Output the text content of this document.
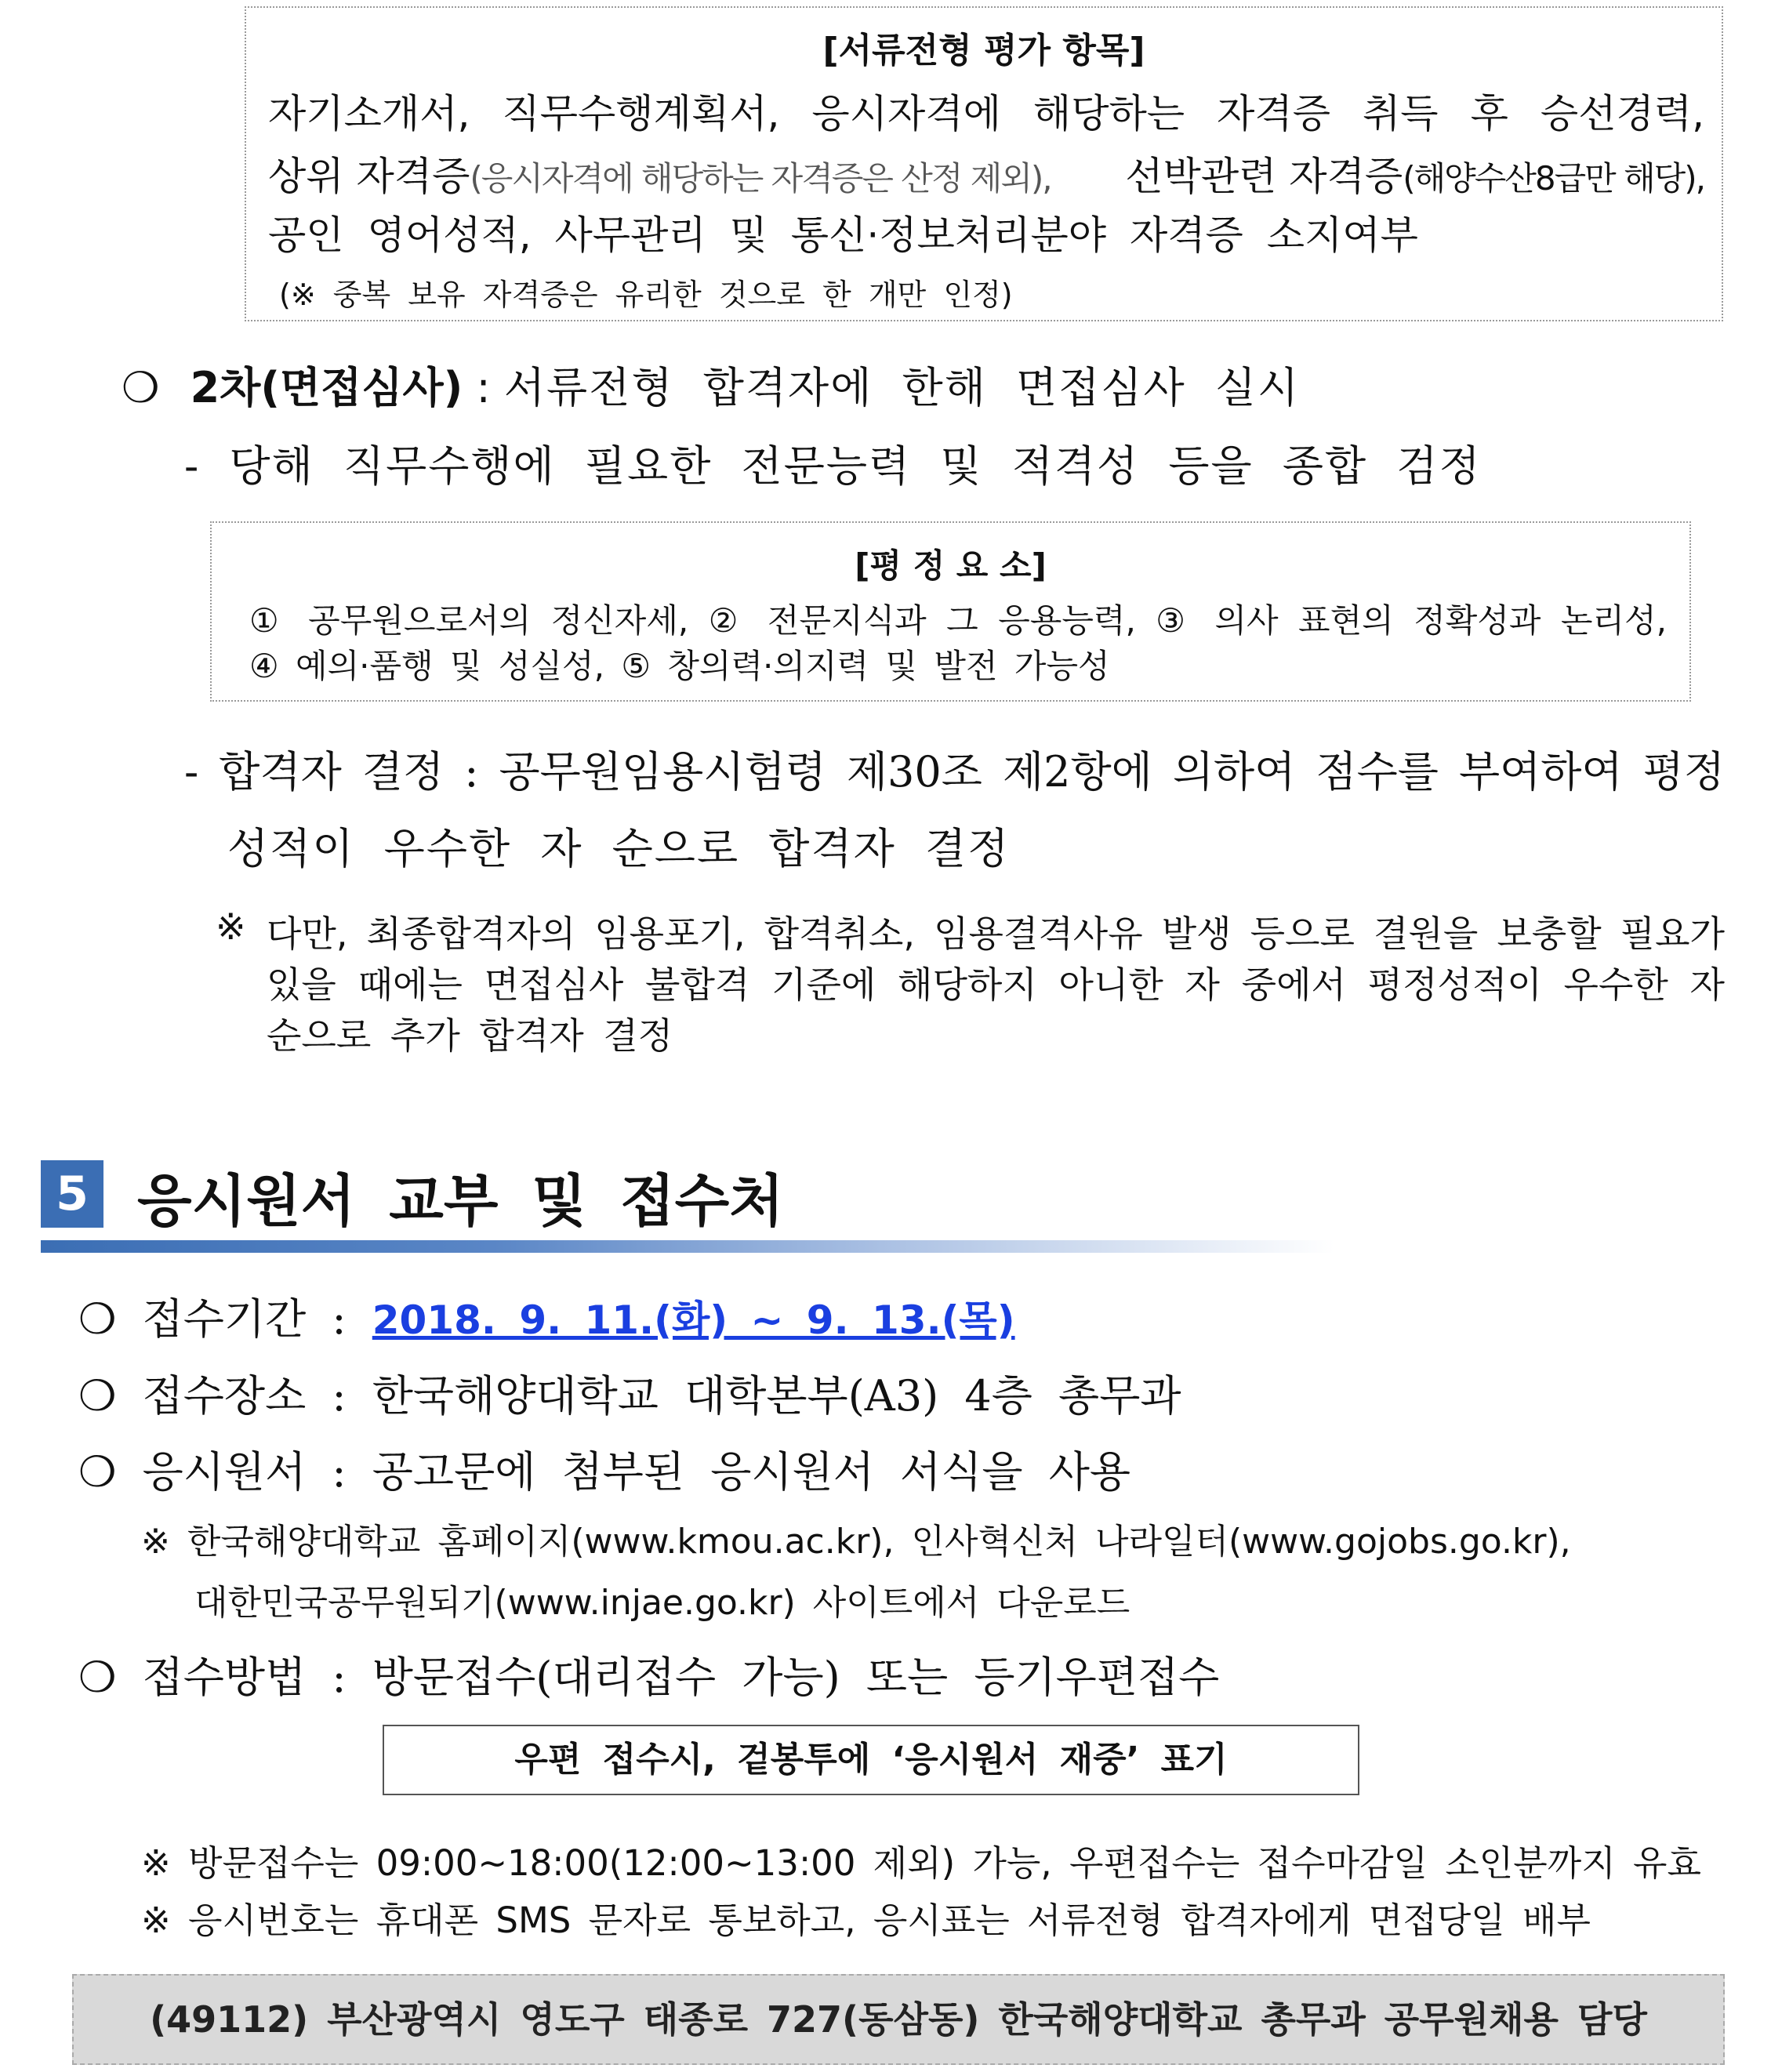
[서류전형 평가 항목]
자기소개서, 직무수행계획서, 응시자격에 해당하는 자격증 취득 후 승선경력,
상위 자격증(응시자격에 해당하는 자격증은 산정 제외), 선박관련 자격증(해양수산8급만 해당),
공인 영어성적, 사무관리 및 통신·정보처리분야 자격증 소지여부
(※ 중복 보유 자격증은 유리한 것으로 한 개만 인정)
❍ 2차(면접심사) : 서류전형 합격자에 한해 면접심사 실시
- 당해 직무수행에 필요한 전문능력 및 적격성 등을 종합 검정
[평 정 요 소]
① 공무원으로서의 정신자세, ② 전문지식과 그 응용능력, ③ 의사 표현의 정확성과 논리성,
④ 예의·품행 및 성실성, ⑤ 창의력·의지력 및 발전 가능성
- 합격자 결정 : 공무원임용시험령 제30조 제2항에 의하여 점수를 부여하여 평정
성적이 우수한 자 순으로 합격자 결정
※ 다만, 최종합격자의 임용포기, 합격취소, 임용결격사유 발생 등으로 결원을 보충할 필요가
있을 때에는 면접심사 불합격 기준에 해당하지 아니한 자 중에서 평정성적이 우수한 자
순으로 추가 합격자 결정
5 응시원서 교부 및 접수처
❍ 접수기간 : 2018. 9. 11.(화) ~ 9. 13.(목)
❍ 접수장소 : 한국해양대학교 대학본부(A3) 4층 총무과
❍ 응시원서 : 공고문에 첨부된 응시원서 서식을 사용
※ 한국해양대학교 홈페이지(www.kmou.ac.kr), 인사혁신처 나라일터(www.gojobs.go.kr),
대한민국공무원되기(www.injae.go.kr) 사이트에서 다운로드
❍ 접수방법 : 방문접수(대리접수 가능) 또는 등기우편접수
우편 접수시, 겉봉투에 ‘응시원서 재중’ 표기
※ 방문접수는 09:00~18:00(12:00~13:00 제외) 가능, 우편접수는 접수마감일 소인분까지 유효
※ 응시번호는 휴대폰 SMS 문자로 통보하고, 응시표는 서류전형 합격자에게 면접당일 배부
(49112) 부산광역시 영도구 태종로 727(동삼동) 한국해양대학교 총무과 공무원채용 담당
